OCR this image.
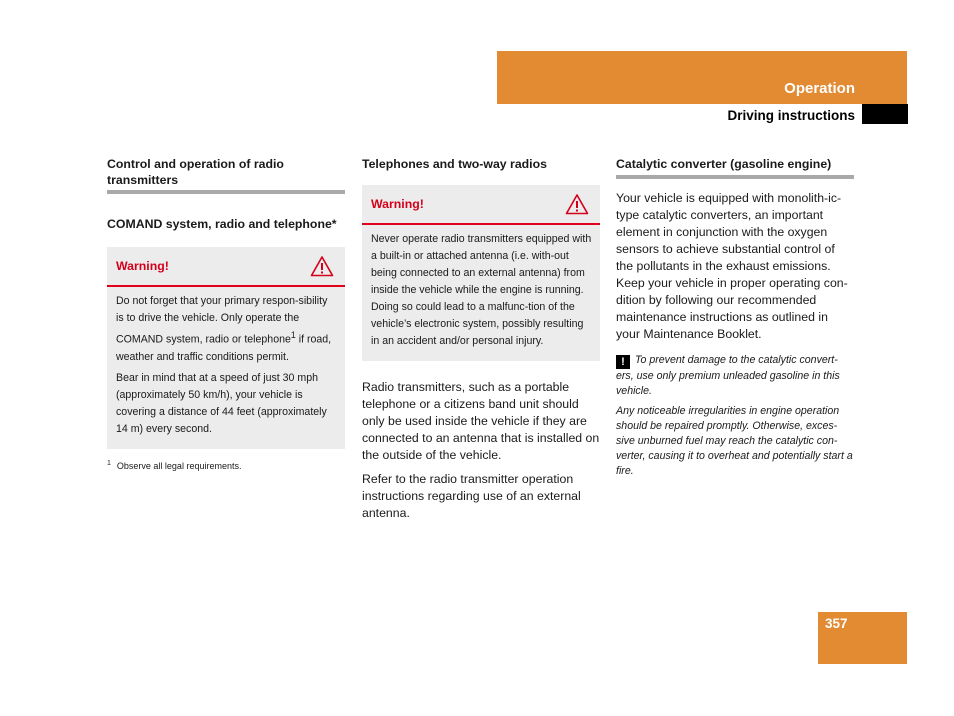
Operation
Driving instructions

Control and operation of radio transmitters

COMAND system, radio and telephone*
Warning!

Do not forget that your primary respon-sibility is to drive the vehicle. Only operate the COMAND system, radio or telephone$^1$ if road, weather and traffic conditions permit.

Bear in mind that at a speed of just 30 mph (approximately 50 km/h), your vehicle is covering a distance of 44 feet (approximately 14 m) every second.

$^1$ Observe all legal requirements.

Telephones and two-way radios

Warning!

Never operate radio transmitters equipped with a built-in or attached antenna (i.e. with-out being connected to an external antenna) from inside the vehicle while the engine is running. Doing so could lead to a malfunc-tion of the vehicle’s electronic system, possibly resulting in an accident and/or personal injury.

Radio transmitters, such as a portable telephone or a citizens band unit should only be used inside the vehicle if they are connected to an antenna that is installed on the outside of the vehicle.

Refer to the radio transmitter operation instructions regarding use of an external antenna.

Catalytic converter (gasoline engine)

Your vehicle is equipped with monolith-ic-type catalytic converters, an important element in conjunction with the oxygen sensors to achieve substantial control of the pollutants in the exhaust emissions. Keep your vehicle in proper operating con-dition by following our recommended maintenance instructions as outlined in your Maintenance Booklet.

! To prevent damage to the catalytic convert-ers, use only premium unleaded gasoline in this vehicle.

Any noticeable irregularities in engine operation should be repaired promptly. Otherwise, exces-sive unburned fuel may reach the catalytic con-verter, causing it to overheat and potentially start a fire.

357
